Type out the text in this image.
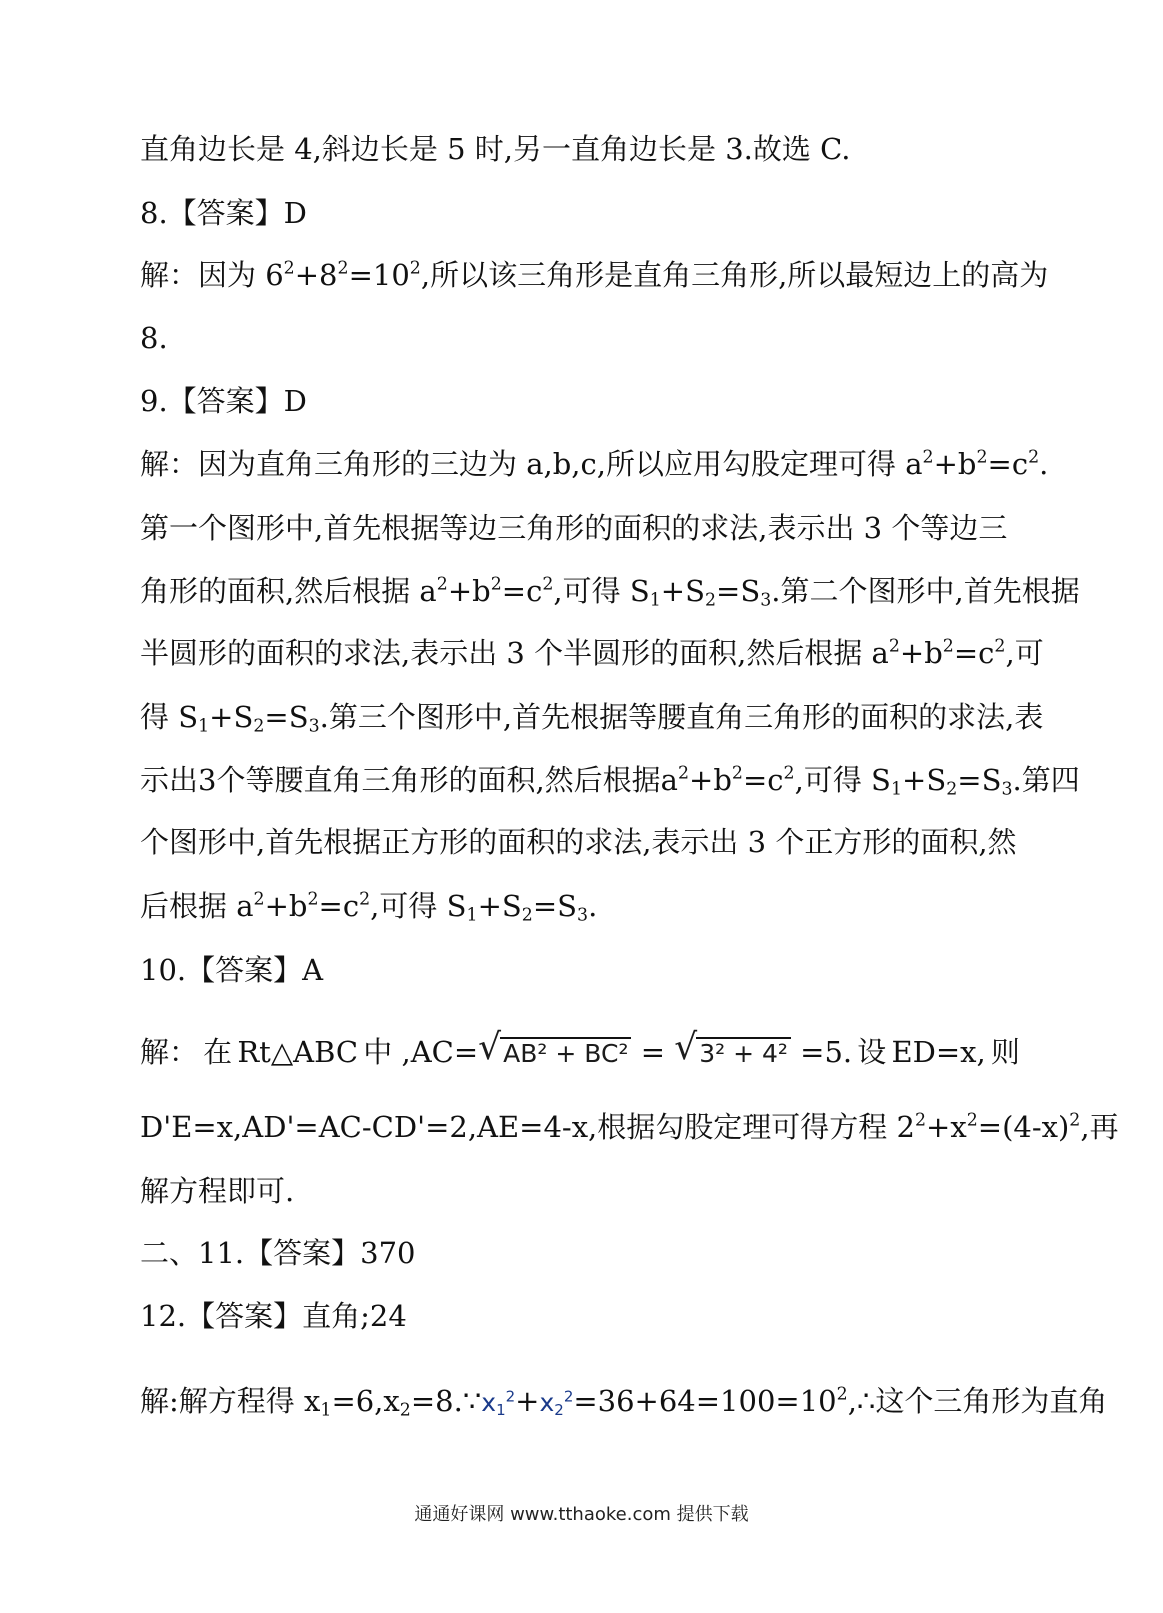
直角边长是 4,斜边长是 5 时,另一直角边长是 3.故选 C.
8.【答案】D
解：因为 $6^2+8^2=10^2$,所以该三角形是直角三角形,所以最短边上的高为
8.
9.【答案】D
解：因为直角三角形的三边为 a,b,c,所以应用勾股定理可得 $a^2+b^2=c^2$.
第一个图形中,首先根据等边三角形的面积的求法,表示出 3 个等边三
角形的面积,然后根据 $a^2+b^2=c^2$,可得 $S_1+S_2=S_3$.第二个图形中,首先根据
半圆形的面积的求法,表示出 3 个半圆形的面积,然后根据 $a^2+b^2=c^2$,可
得 $S_1+S_2=S_3$.第三个图形中,首先根据等腰直角三角形的面积的求法,表
示出3个等腰直角三角形的面积,然后根据$a^2+b^2=c^2$,可得 $S_1+S_2=S_3$.第四
个图形中,首先根据正方形的面积的求法,表示出 3 个正方形的面积,然
后根据 $a^2+b^2=c^2$,可得 $S_1+S_2=S_3$.
10.【答案】A
解： 在 Rt△ABC 中 ,AC= √ AB² + BC² = √ 3² + 4² =5. 设 ED=x, 则
D'E=x,AD'=AC-CD'=2,AE=4-x,根据勾股定理可得方程 $2^2+x^2=(4-x)^2$,再
解方程即可.
二、11.【答案】370
12.【答案】直角;24
解:解方程得 $x_1=6,x_2=8.\because x_1^2+x_2^2=36+64=100=10^2,\therefore$这个三角形为直角
通通好课网 www.tthaoke.com 提供下载
